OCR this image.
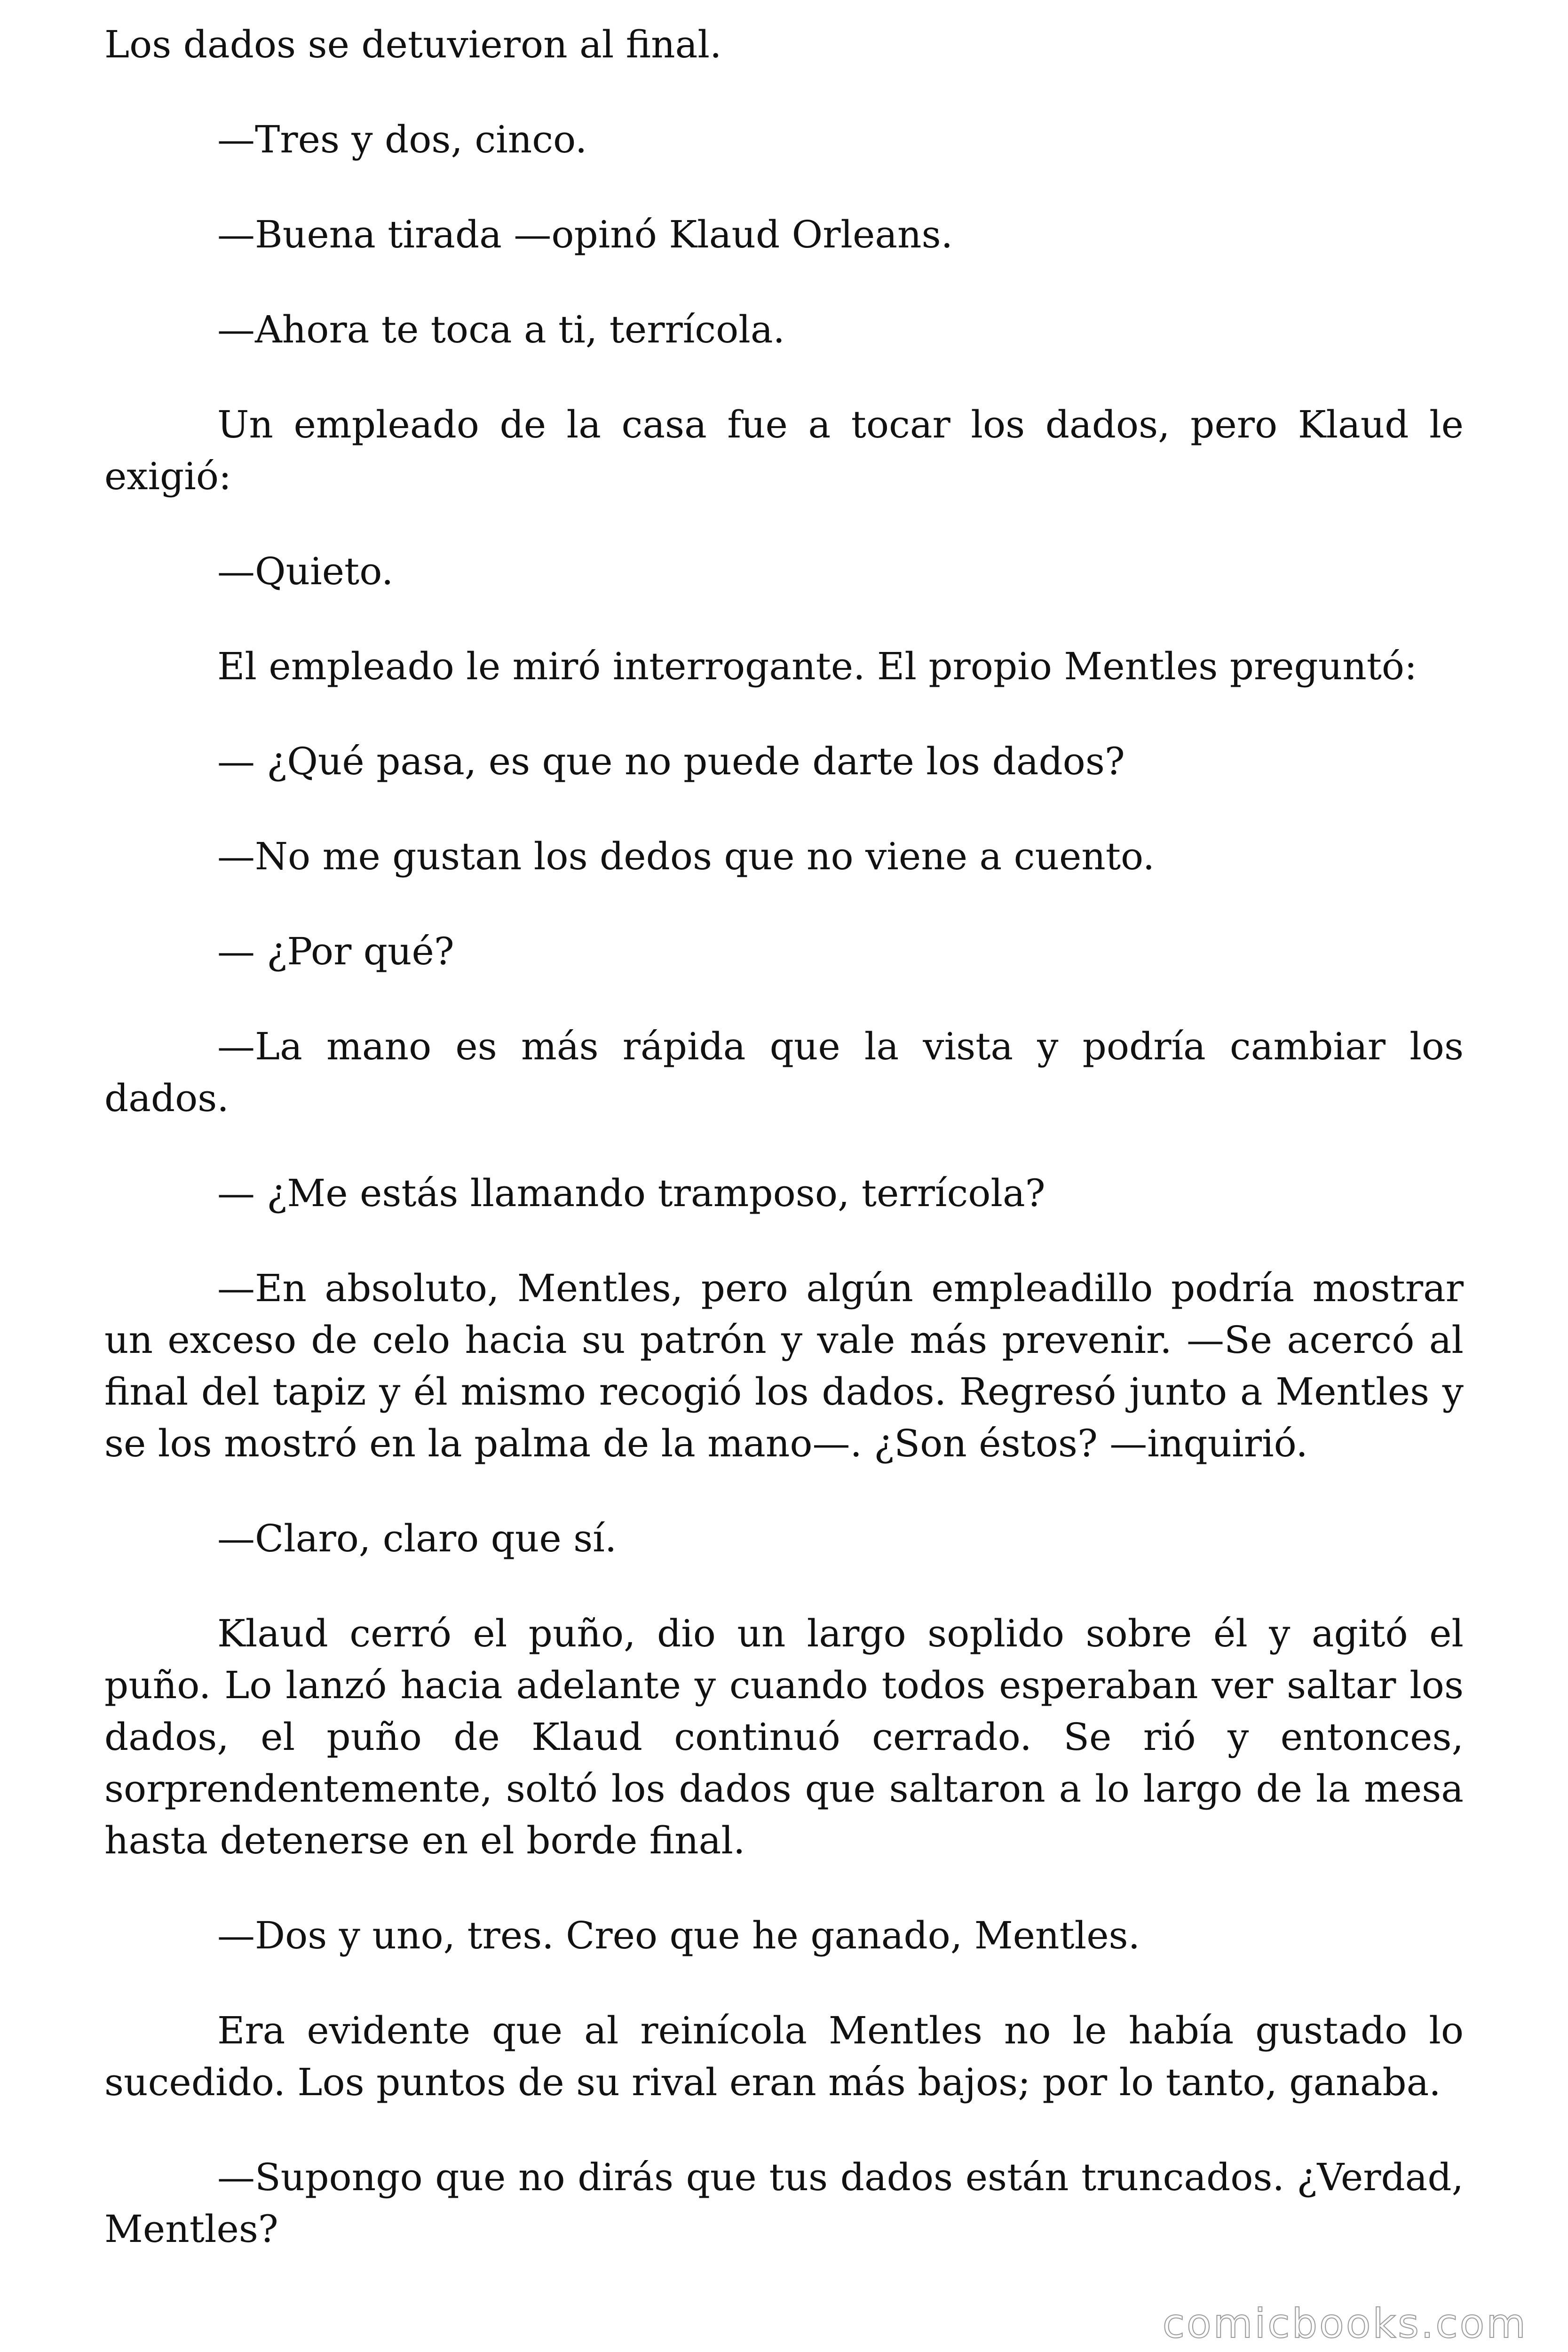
Los dados se detuvieron al final.

—Tres y dos, cinco.

—Buena tirada —opinó Klaud Orleans.

—Ahora te toca a ti, terrícola.

Un empleado de la casa fue a tocar los dados, pero Klaud le exigió:

—Quieto.

El empleado le miró interrogante. El propio Mentles preguntó:

— ¿Qué pasa, es que no puede darte los dados?

—No me gustan los dedos que no viene a cuento.

— ¿Por qué?

—La mano es más rápida que la vista y podría cambiar los dados.

— ¿Me estás llamando tramposo, terrícola?

—En absoluto, Mentles, pero algún empleadillo podría mostrar un exceso de celo hacia su patrón y vale más prevenir. —Se acercó al final del tapiz y él mismo recogió los dados. Regresó junto a Mentles y se los mostró en la palma de la mano—. ¿Son éstos? —inquirió.

—Claro, claro que sí.

Klaud cerró el puño, dio un largo soplido sobre él y agitó el puño. Lo lanzó hacia adelante y cuando todos esperaban ver saltar los dados, el puño de Klaud continuó cerrado. Se rió y entonces, sorprendentemente, soltó los dados que saltaron a lo largo de la mesa hasta detenerse en el borde final.

—Dos y uno, tres. Creo que he ganado, Mentles.

Era evidente que al reinícola Mentles no le había gustado lo sucedido. Los puntos de su rival eran más bajos; por lo tanto, ganaba.

—Supongo que no dirás que tus dados están truncados. ¿Verdad, Mentles?

comicbooks.com
